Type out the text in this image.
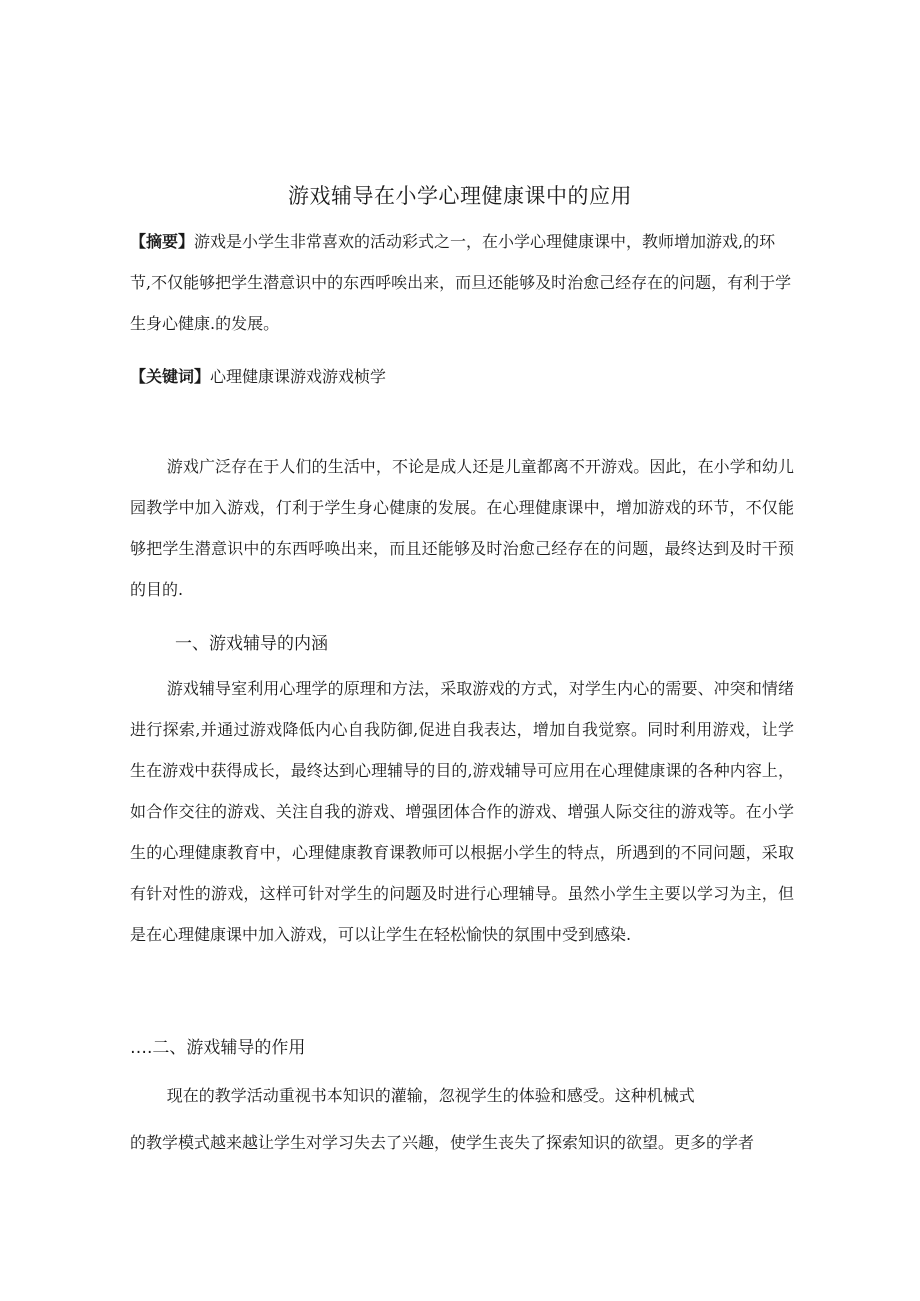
游戏辅导在小学心理健康课中的应用
【摘要】游戏是小学生非常喜欢的活动彩式之一，在小学心理健康课中，教师增加游戏,的环节,不仅能够把学生潜意识中的东西呼唉出来，而旦还能够及时治愈己经存在的问题，有利于学生身心健康.的发展。
【关键词】心理健康课游戏游戏桢学
游戏广泛存在于人们的生活中，不论是成人还是儿童都离不开游戏。因此，在小学和幼儿园教学中加入游戏，仃利于学生身心健康的发展。在心理健康课中，增加游戏的环节，不仅能够把学生潜意识中的东西呼唤出来，而且还能够及时治愈己经存在的问题，最终达到及时干预的目的.
一、游戏辅导的内涵
游戏辅导室利用心理学的原理和方法，采取游戏的方式，对学生内心的需要、冲突和情绪进行探索,并通过游戏降低内心自我防御,促进自我表达，增加自我觉察。同时利用游戏，让学生在游戏中获得成长，最终达到心理辅导的目的,游戏辅导可应用在心理健康课的各种内容上，如合作交往的游戏、关注自我的游戏、增强团体合作的游戏、增强人际交往的游戏等。在小学生的心理健康教育中，心理健康教育课教师可以根据小学生的特点，所遇到的不同问题，采取有针对性的游戏，这样可针对学生的问题及时进行心理辅导。虽然小学生主要以学习为主，但是在心理健康课中加入游戏，可以让学生在轻松愉快的氛围中受到感染.
….二、游戏辅导的作用
现在的教学活动重视书本知识的灌输，忽视学生的体验和感受。这种机械式
的教学模式越来越让学生对学习失去了兴趣，使学生丧失了探索知识的欲望。更多的学者
